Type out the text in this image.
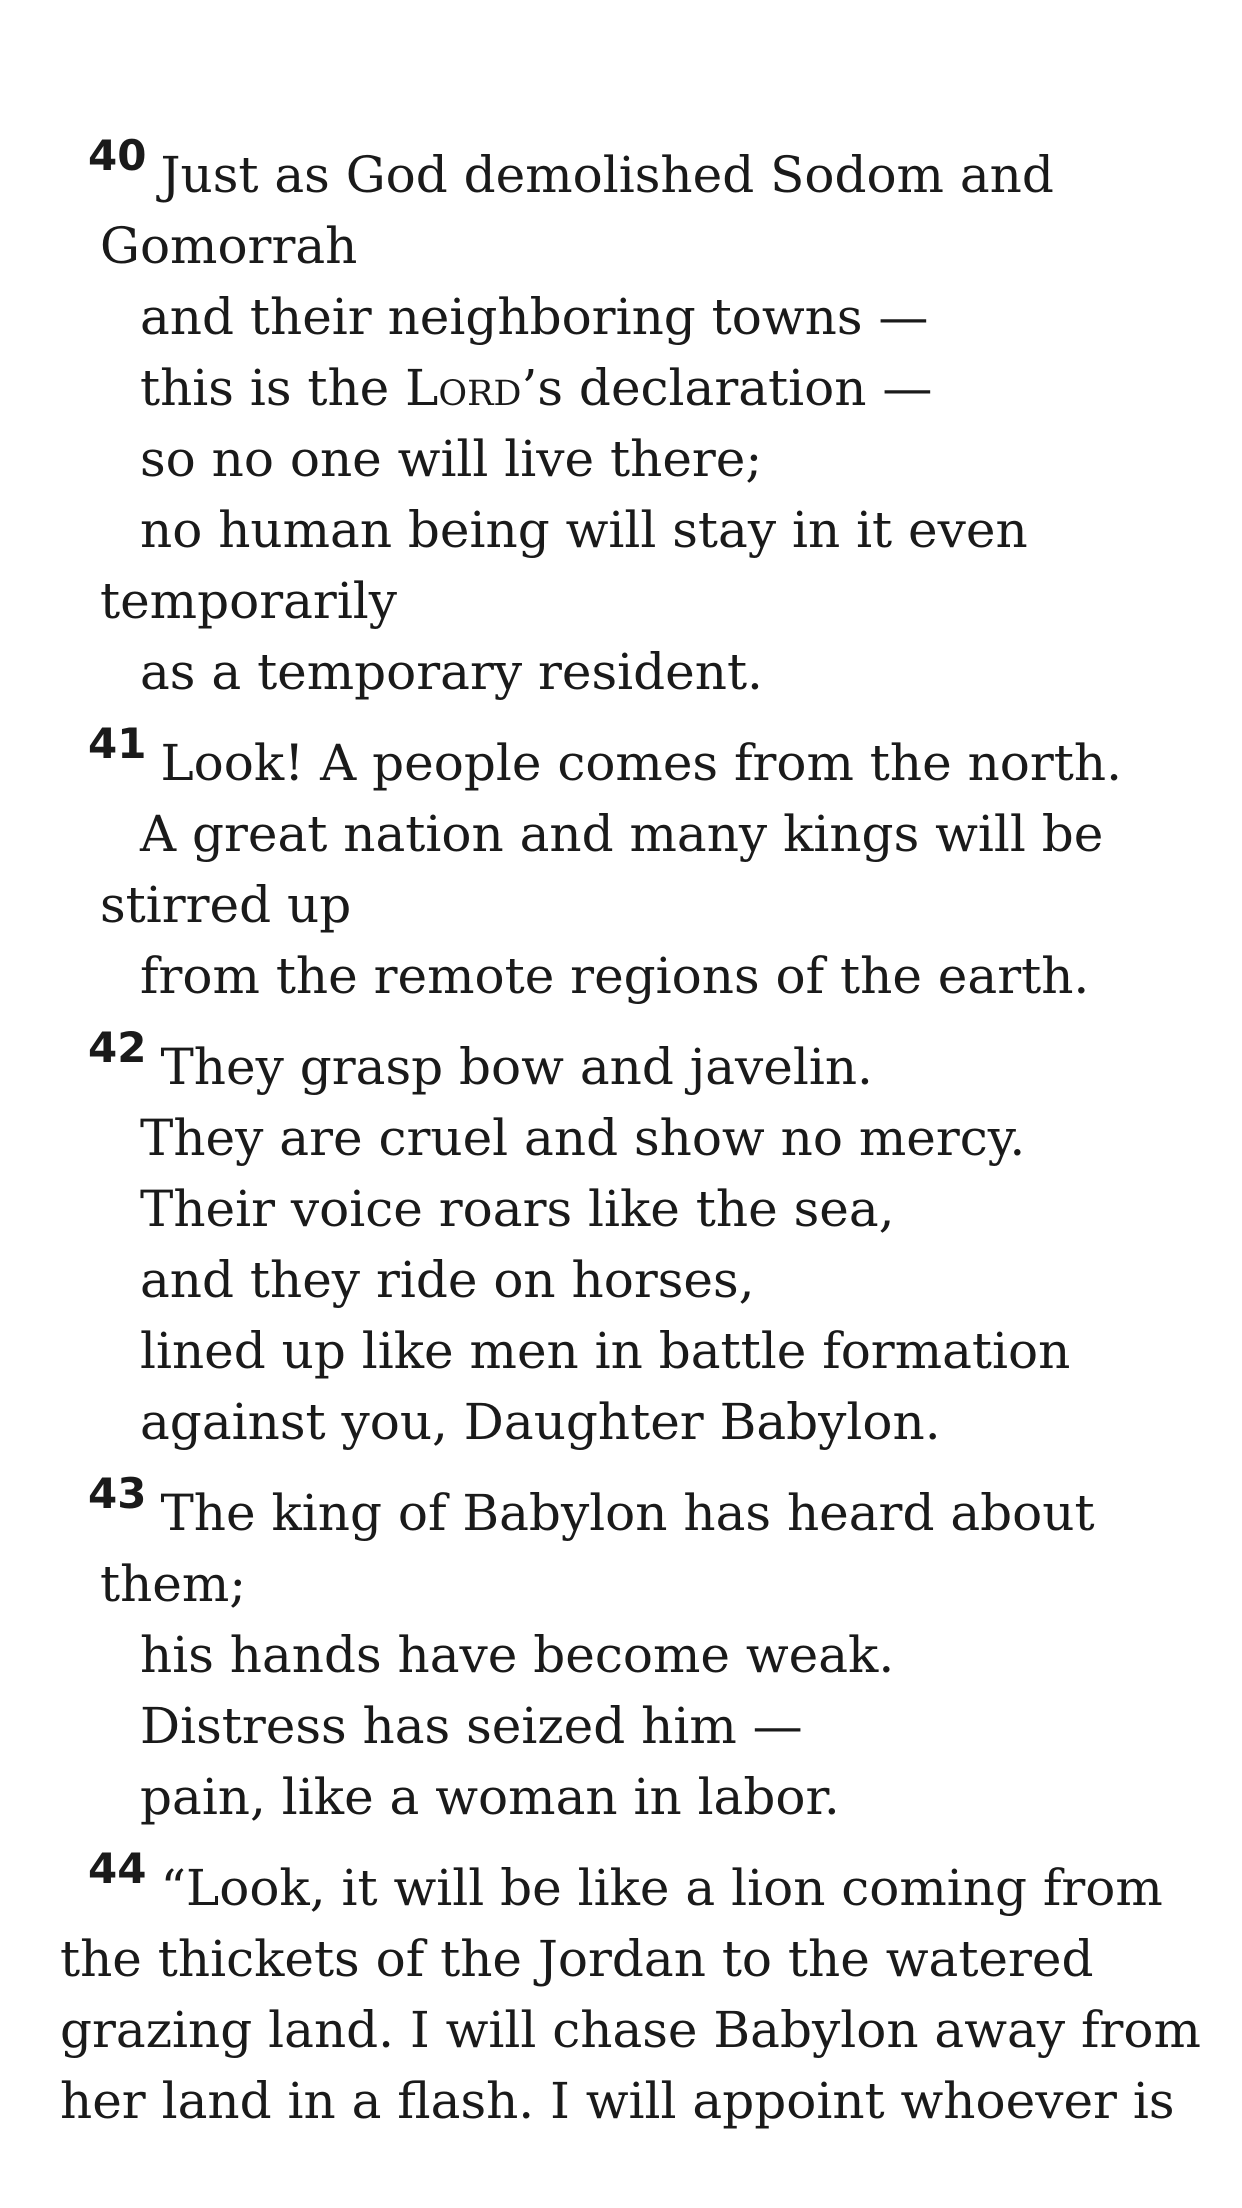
$^{40}$ Just as God demolished Sodom and
Gomorrah
and their neighboring towns —
this is the Lord’s declaration —
so no one will live there;
no human being will stay in it even
temporarily
as a temporary resident.
$^{41}$ Look! A people comes from the north.
A great nation and many kings will be
stirred up
from the remote regions of the earth.
$^{42}$ They grasp bow and javelin.
They are cruel and show no mercy.
Their voice roars like the sea,
and they ride on horses,
lined up like men in battle formation
against you, Daughter Babylon.
$^{43}$ The king of Babylon has heard about
them;
his hands have become weak.
Distress has seized him —
pain, like a woman in labor.
$^{44}$ “Look, it will be like a lion coming from
the thickets of the Jordan to the watered
grazing land. I will chase Babylon away from
her land in a flash. I will appoint whoever is
